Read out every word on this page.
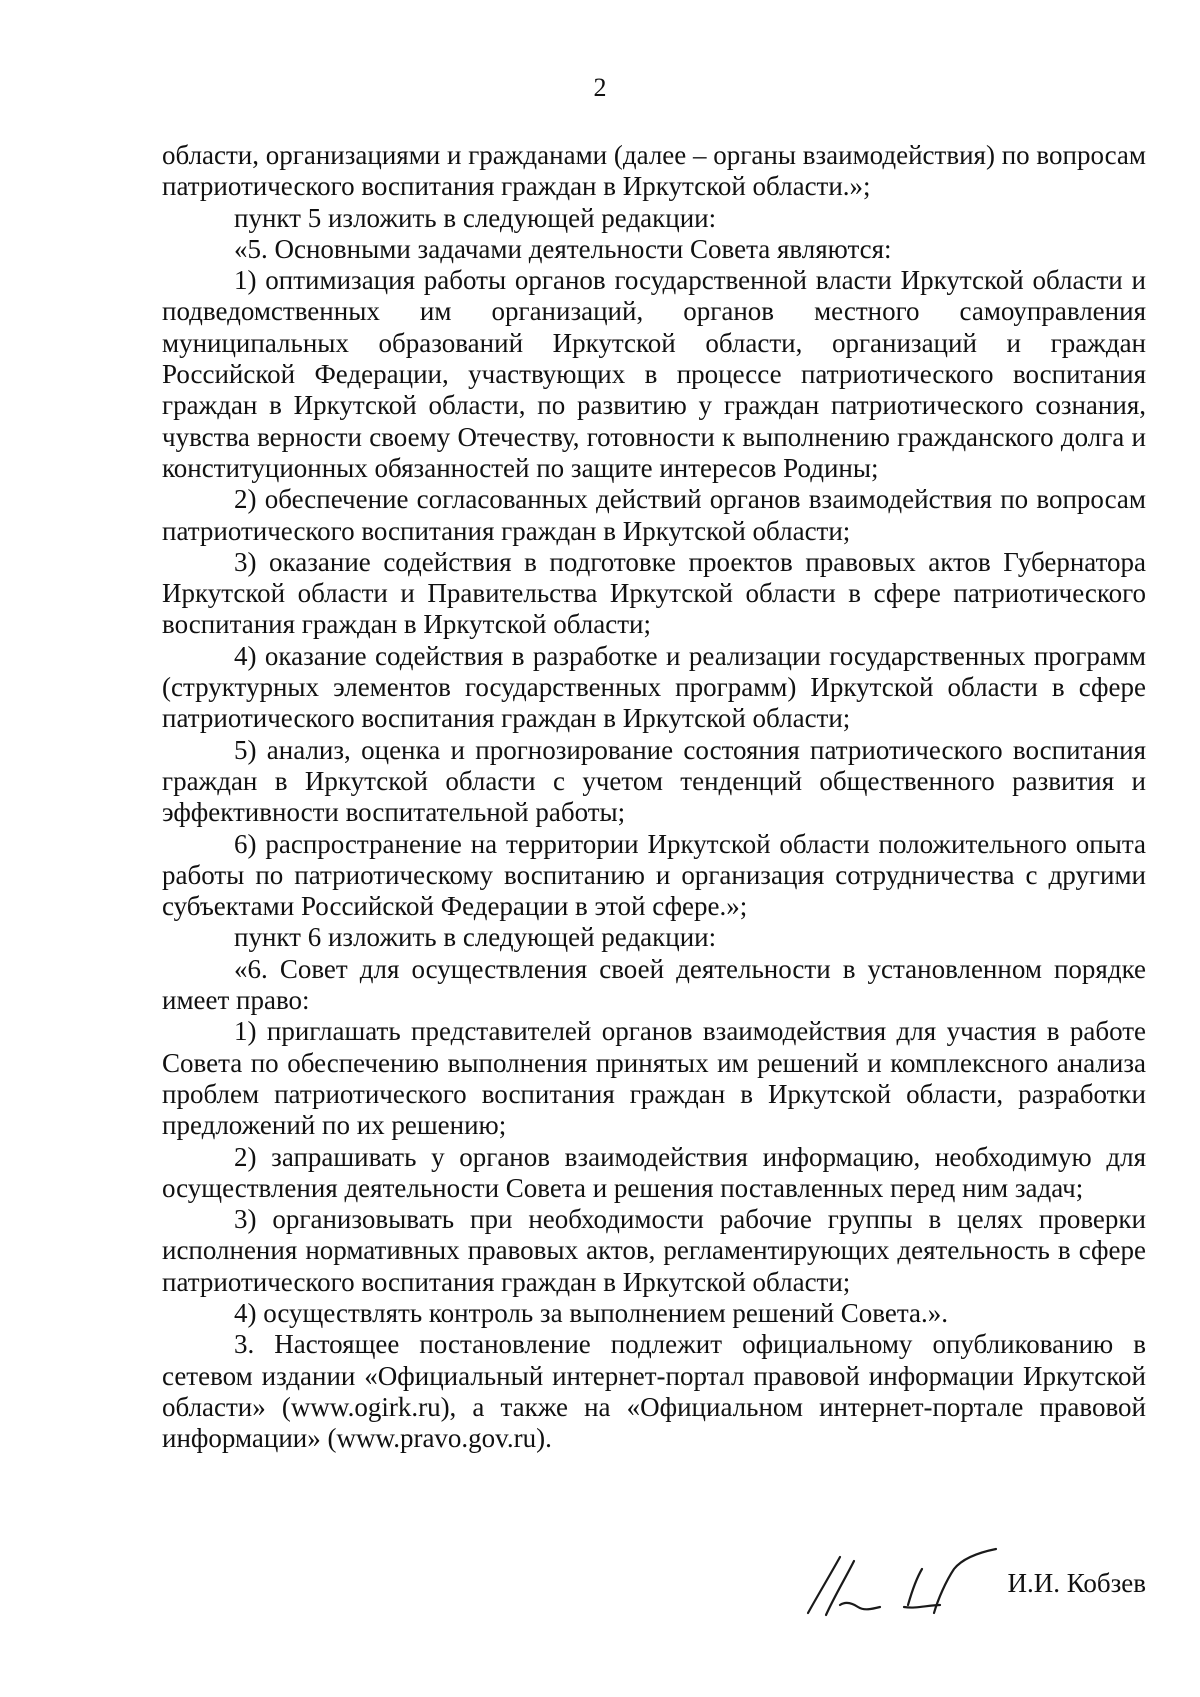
2

области, организациями и гражданами (далее – органы взаимодействия) по вопросам патриотического воспитания граждан в Иркутской области.»;

пункт 5 изложить в следующей редакции:

«5. Основными задачами деятельности Совета являются:

1) оптимизация работы органов государственной власти Иркутской области и подведомственных им организаций, органов местного самоуправления муниципальных образований Иркутской области, организаций и граждан Российской Федерации, участвующих в процессе патриотического воспитания граждан в Иркутской области, по развитию у граждан патриотического сознания, чувства верности своему Отечеству, готовности к выполнению гражданского долга и конституционных обязанностей по защите интересов Родины;

2) обеспечение согласованных действий органов взаимодействия по вопросам патриотического воспитания граждан в Иркутской области;

3) оказание содействия в подготовке проектов правовых актов Губернатора Иркутской области и Правительства Иркутской области в сфере патриотического воспитания граждан в Иркутской области;

4) оказание содействия в разработке и реализации государственных программ (структурных элементов государственных программ) Иркутской области в сфере патриотического воспитания граждан в Иркутской области;

5) анализ, оценка и прогнозирование состояния патриотического воспитания граждан в Иркутской области с учетом тенденций общественного развития и эффективности воспитательной работы;

6) распространение на территории Иркутской области положительного опыта работы по патриотическому воспитанию и организация сотрудничества с другими субъектами Российской Федерации в этой сфере.»;

пункт 6 изложить в следующей редакции:

«6. Совет для осуществления своей деятельности в установленном порядке имеет право:

1) приглашать представителей органов взаимодействия для участия в работе Совета по обеспечению выполнения принятых им решений и комплексного анализа проблем патриотического воспитания граждан в Иркутской области, разработки предложений по их решению;

2) запрашивать у органов взаимодействия информацию, необходимую для осуществления деятельности Совета и решения поставленных перед ним задач;

3) организовывать при необходимости рабочие группы в целях проверки исполнения нормативных правовых актов, регламентирующих деятельность в сфере патриотического воспитания граждан в Иркутской области;

4) осуществлять контроль за выполнением решений Совета.».

3. Настоящее постановление подлежит официальному опубликованию в сетевом издании «Официальный интернет-портал правовой информации Иркутской области» (www.ogirk.ru), а также на «Официальном интернет-портале правовой информации» (www.pravo.gov.ru).

И.И. Кобзев
